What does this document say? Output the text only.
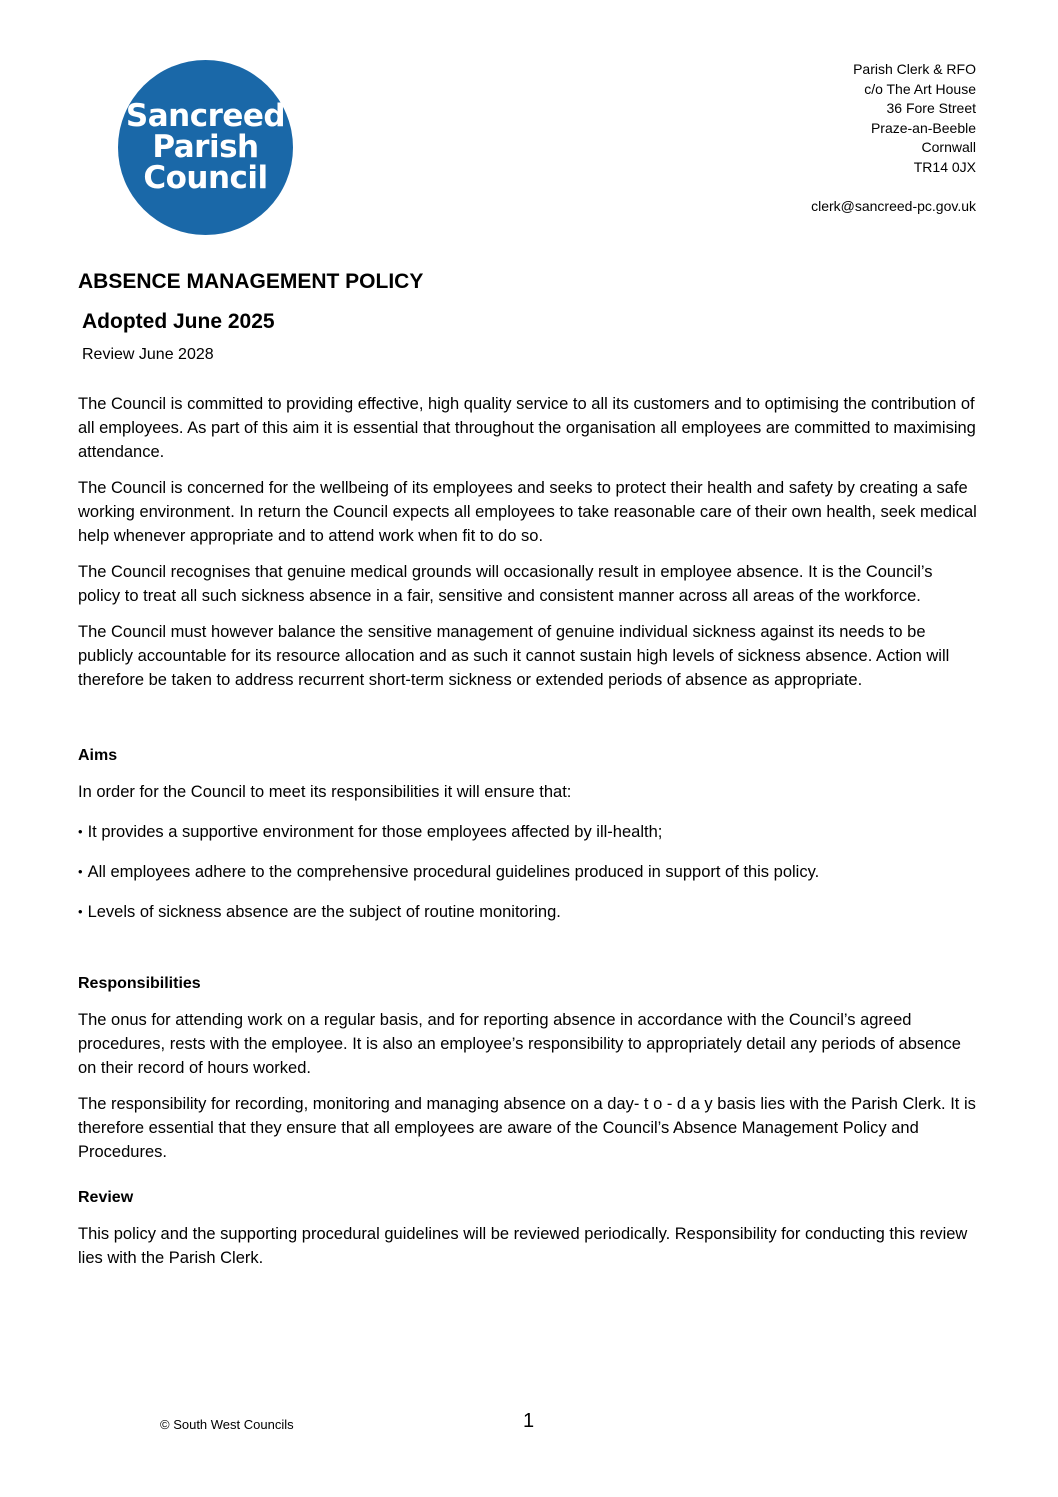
Sancreed
Parish
Council
Parish Clerk & RFO
c/o The Art House
36 Fore Street
Praze-an-Beeble
Cornwall
TR14 0JX
clerk@sancreed-pc.gov.uk
ABSENCE MANAGEMENT POLICY
Adopted June 2025
Review June 2028

The Council is committed to providing effective, high quality service to all its customers and to optimising the contribution of all employees. As part of this aim it is essential that throughout the organisation all employees are committed to maximising attendance.

The Council is concerned for the wellbeing of its employees and seeks to protect their health and safety by creating a safe working environment. In return the Council expects all employees to take reasonable care of their own health, seek medical help whenever appropriate and to attend work when fit to do so.

The Council recognises that genuine medical grounds will occasionally result in employee absence. It is the Council’s policy to treat all such sickness absence in a fair, sensitive and consistent manner across all areas of the workforce.

The Council must however balance the sensitive management of genuine individual sickness against its needs to be publicly accountable for its resource allocation and as such it cannot sustain high levels of sickness absence. Action will therefore be taken to address recurrent short-term sickness or extended periods of absence as appropriate.

Aims

In order for the Council to meet its responsibilities it will ensure that:

• It provides a supportive environment for those employees affected by ill-health;

• All employees adhere to the comprehensive procedural guidelines produced in support of this policy.

• Levels of sickness absence are the subject of routine monitoring.

Responsibilities

The onus for attending work on a regular basis, and for reporting absence in accordance with the Council’s agreed procedures, rests with the employee. It is also an employee’s responsibility to appropriately detail any periods of absence on their record of hours worked.

The responsibility for recording, monitoring and managing absence on a day- t o - d a y basis lies with the Parish Clerk. It is therefore essential that they ensure that all employees are aware of the Council’s Absence Management Policy and Procedures.

Review

This policy and the supporting procedural guidelines will be reviewed periodically. Responsibility for conducting this review lies with the Parish Clerk.

© South West Councils	1
